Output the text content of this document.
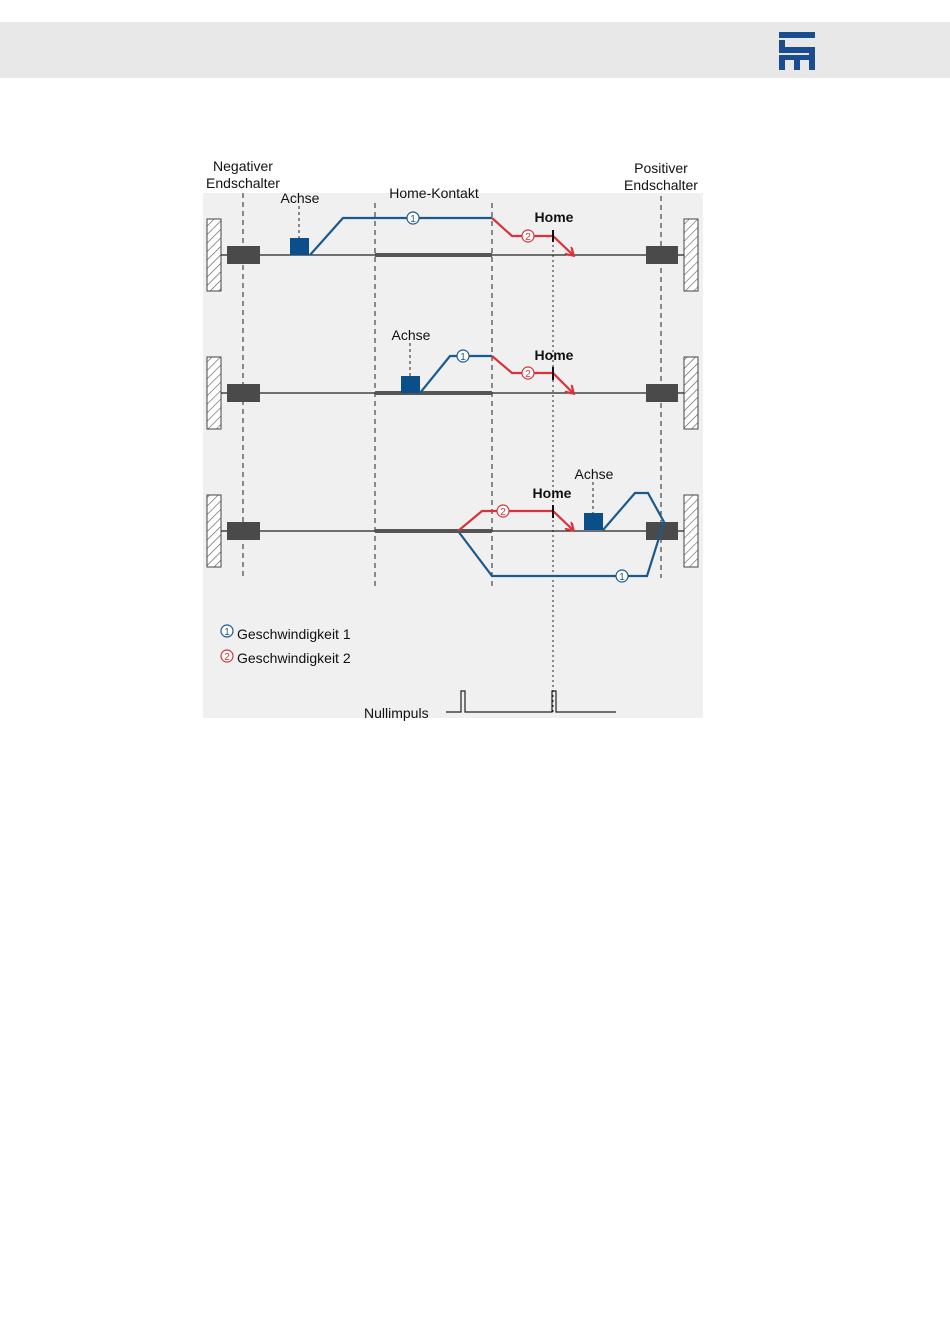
Negativer
Endschalter
Positiver
Endschalter
Home-Kontakt
Achse
1
2
Home
Achse
1
2
Home
Achse
1
2
Home
1 Geschwindigkeit 1
2 Geschwindigkeit 2
Nullimpuls
